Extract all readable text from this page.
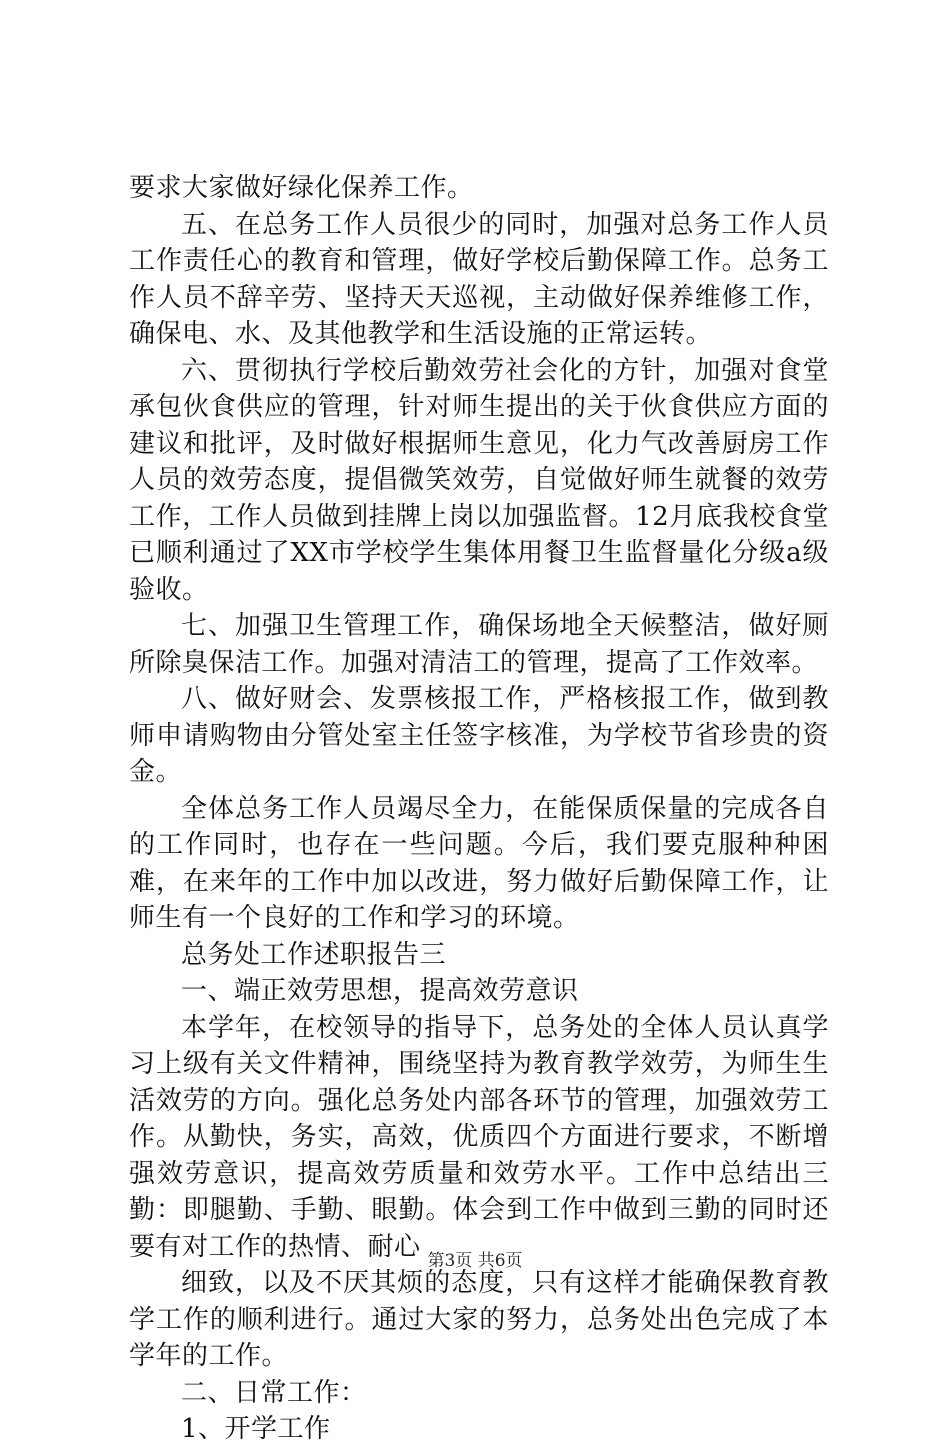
要求大家做好绿化保养工作。

五、在总务工作人员很少的同时，加强对总务工作人员工作责任心的教育和管理，做好学校后勤保障工作。总务工作人员不辞辛劳、坚持天天巡视，主动做好保养维修工作，确保电、水、及其他教学和生活设施的正常运转。

六、贯彻执行学校后勤效劳社会化的方针，加强对食堂承包伙食供应的管理，针对师生提出的关于伙食供应方面的建议和批评，及时做好根据师生意见，化力气改善厨房工作人员的效劳态度，提倡微笑效劳，自觉做好师生就餐的效劳工作，工作人员做到挂牌上岗以加强监督。12月底我校食堂已顺利通过了XX市学校学生集体用餐卫生监督量化分级a级验收。

七、加强卫生管理工作，确保场地全天候整洁，做好厕所除臭保洁工作。加强对清洁工的管理，提高了工作效率。

八、做好财会、发票核报工作，严格核报工作，做到教师申请购物由分管处室主任签字核准，为学校节省珍贵的资金。

全体总务工作人员竭尽全力，在能保质保量的完成各自的工作同时，也存在一些问题。今后，我们要克服种种困难，在来年的工作中加以改进，努力做好后勤保障工作，让师生有一个良好的工作和学习的环境。

总务处工作述职报告三

一、端正效劳思想，提高效劳意识

本学年，在校领导的指导下，总务处的全体人员认真学习上级有关文件精神，围绕坚持为教育教学效劳，为师生生活效劳的方向。强化总务处内部各环节的管理，加强效劳工作。从勤快，务实，高效，优质四个方面进行要求，不断增强效劳意识，提高效劳质量和效劳水平。工作中总结出三勤：即腿勤、手勤、眼勤。体会到工作中做到三勤的同时还要有对工作的热情、耐心

细致，以及不厌其烦的态度，只有这样才能确保教育教学工作的顺利进行。通过大家的努力，总务处出色完成了本学年的工作。

二、日常工作：

1、开学工作

第3页 共6页
